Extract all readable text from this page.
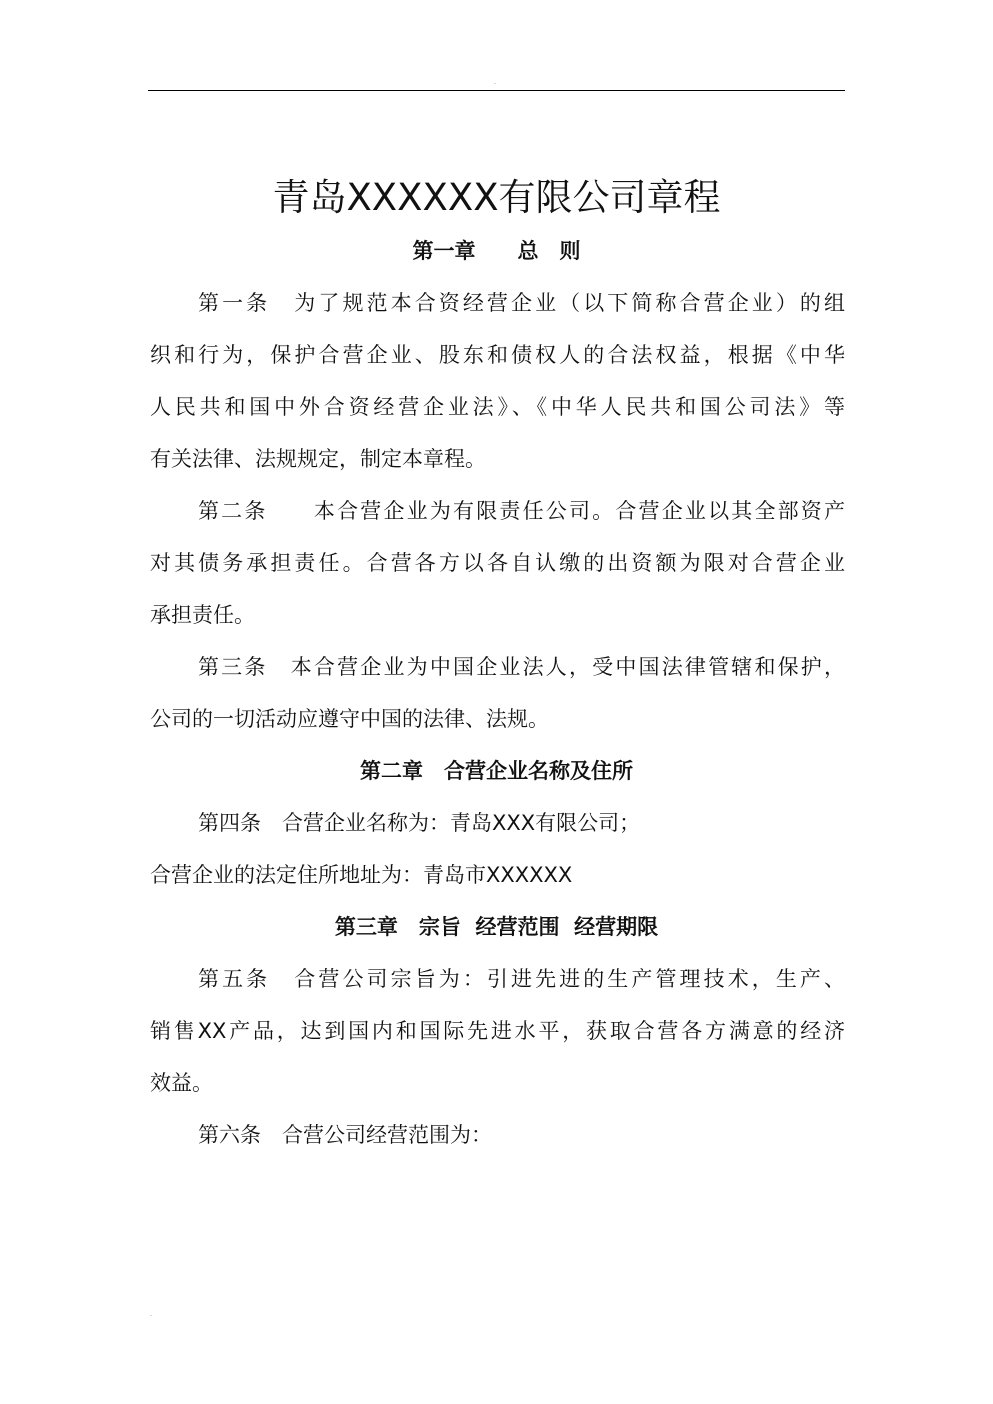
.
青岛XXXXXX有限公司章程
第一章　　总　则

第一条　为了规范本合资经营企业（以下简称合营企业）的组

织和行为，保护合营企业、股东和债权人的合法权益，根据《中华

人民共和国中外合资经营企业法》、《中华人民共和国公司法》等

有关法律、法规规定，制定本章程。

第二条　　本合营企业为有限责任公司。合营企业以其全部资产

对其债务承担责任。合营各方以各自认缴的出资额为限对合营企业

承担责任。

第三条　本合营企业为中国企业法人，受中国法律管辖和保护，

公司的一切活动应遵守中国的法律、法规。

第二章　合营企业名称及住所

第四条　合营企业名称为：青岛XXX有限公司；

合营企业的法定住所地址为：青岛市XXXXXX

第三章　宗旨  经营范围  经营期限

第五条　合营公司宗旨为：引进先进的生产管理技术，生产、

销售XX产品，达到国内和国际先进水平，获取合营各方满意的经济

效益。

第六条　合营公司经营范围为：

.
